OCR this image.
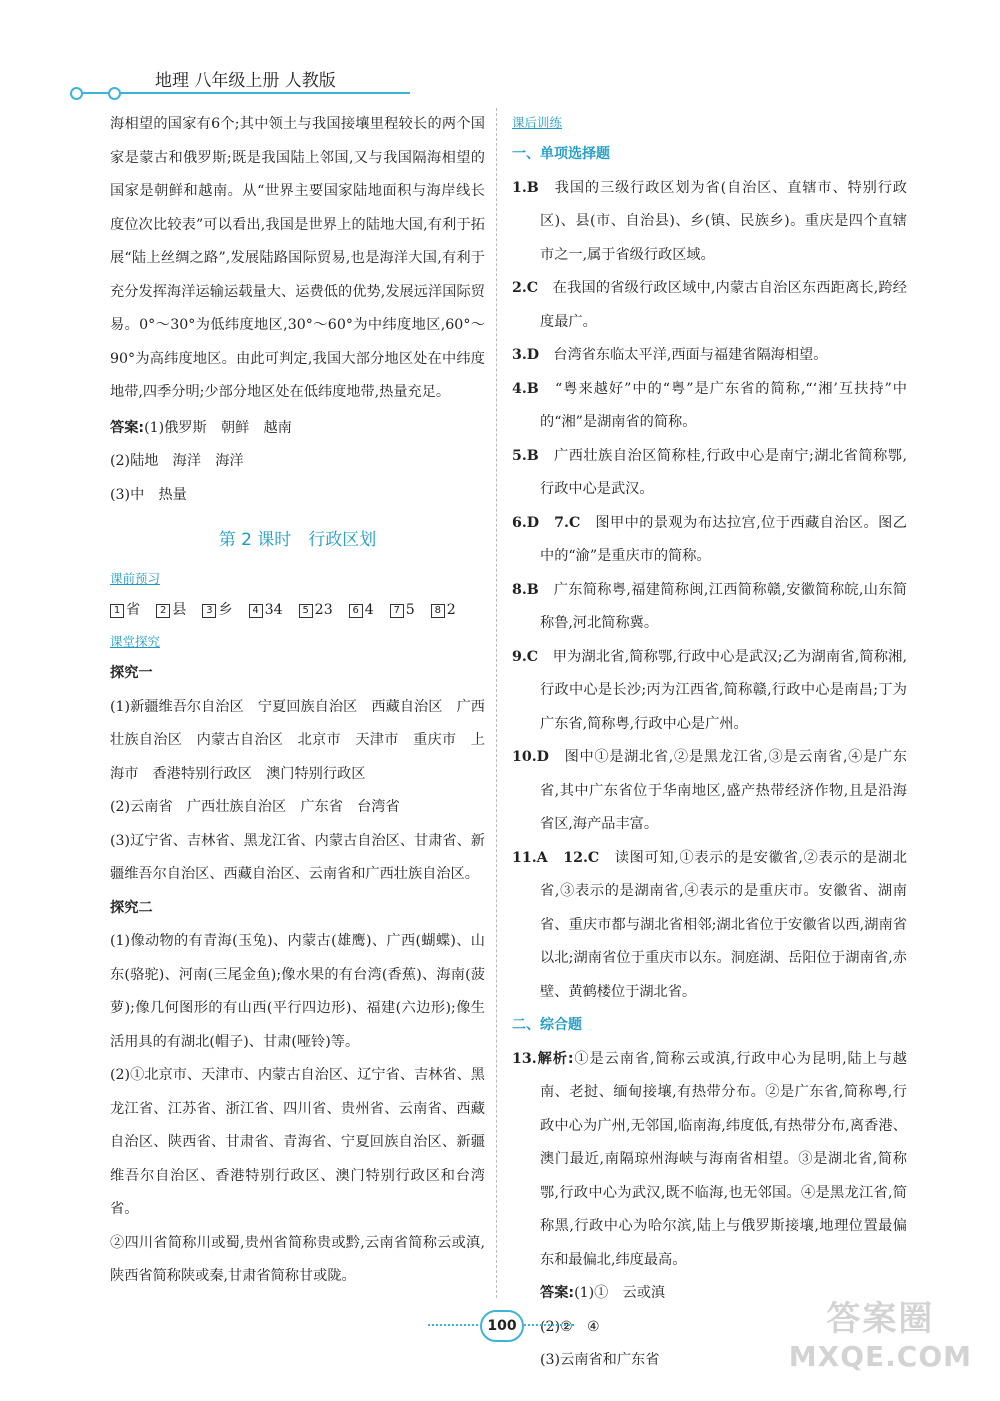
地理 八年级上册 人教版

海相望的国家有6个;其中领土与我国接壤里程较长的两个国家是蒙古和俄罗斯;既是我国陆上邻国,又与我国隔海相望的国家是朝鲜和越南。从“世界主要国家陆地面积与海岸线长度位次比较表”可以看出,我国是世界上的陆地大国,有利于拓展“陆上丝绸之路”,发展陆路国际贸易,也是海洋大国,有利于充分发挥海洋运输运载量大、运费低的优势,发展远洋国际贸易。0°～30°为低纬度地区,30°～60°为中纬度地区,60°～90°为高纬度地区。由此可判定,我国大部分地区处在中纬度地带,四季分明;少部分地区处在低纬度地带,热量充足。

答案:(1)俄罗斯　朝鲜　越南

(2)陆地　海洋　海洋

(3)中　热量

第 2 课时　行政区划
课前预习
1 省 2 县 3 乡 4 34 5 23 6 4 7 5 8 2
课堂探究
探究一

(1)新疆维吾尔自治区　宁夏回族自治区　西藏自治区　广西壮族自治区　内蒙古自治区　北京市　天津市　重庆市　上海市　香港特别行政区　澳门特别行政区

(2)云南省　广西壮族自治区　广东省　台湾省

(3)辽宁省、吉林省、黑龙江省、内蒙古自治区、甘肃省、新疆维吾尔自治区、西藏自治区、云南省和广西壮族自治区。

探究二

(1)像动物的有青海(玉兔)、内蒙古(雄鹰)、广西(蝴蝶)、山东(骆驼)、河南(三尾金鱼);像水果的有台湾(香蕉)、海南(菠萝);像几何图形的有山西(平行四边形)、福建(六边形);像生活用具的有湖北(帽子)、甘肃(哑铃)等。

(2)①北京市、天津市、内蒙古自治区、辽宁省、吉林省、黑龙江省、江苏省、浙江省、四川省、贵州省、云南省、西藏自治区、陕西省、甘肃省、青海省、宁夏回族自治区、新疆维吾尔自治区、香港特别行政区、澳门特别行政区和台湾省。

②四川省简称川或蜀,贵州省简称贵或黔,云南省简称云或滇,陕西省简称陕或秦,甘肃省简称甘或陇。

课后训练
一、单项选择题

1.B　 我国的三级行政区划为省(自治区、直辖市、特别行政区)、县(市、自治县)、乡(镇、民族乡)。重庆是四个直辖市之一,属于省级行政区域。

2.C　 在我国的省级行政区域中,内蒙古自治区东西距离长,跨经度最广。

3.D　 台湾省东临太平洋,西面与福建省隔海相望。

4.B　 “粤来越好”中的“粤”是广东省的简称,“‘湘’互扶持”中的“湘”是湖南省的简称。

5.B　 广西壮族自治区简称桂,行政中心是南宁;湖北省简称鄂,行政中心是武汉。

6.D　7.C　 图甲中的景观为布达拉宫,位于西藏自治区。图乙中的“渝”是重庆市的简称。

8.B　 广东简称粤,福建简称闽,江西简称赣,安徽简称皖,山东简称鲁,河北简称冀。

9.C　 甲为湖北省,简称鄂,行政中心是武汉;乙为湖南省,简称湘,行政中心是长沙;丙为江西省,简称赣,行政中心是南昌;丁为广东省,简称粤,行政中心是广州。

10.D　 图中①是湖北省,②是黑龙江省,③是云南省,④是广东省,其中广东省位于华南地区,盛产热带经济作物,且是沿海省区,海产品丰富。

11.A　12.C　 读图可知,①表示的是安徽省,②表示的是湖北省,③表示的是湖南省,④表示的是重庆市。安徽省、湖南省、重庆市都与湖北省相邻;湖北省位于安徽省以西,湖南省以北;湖南省位于重庆市以东。洞庭湖、岳阳位于湖南省,赤壁、黄鹤楼位于湖北省。

二、综合题

13.解析:①是云南省,简称云或滇,行政中心为昆明,陆上与越南、老挝、缅甸接壤,有热带分布。②是广东省,简称粤,行政中心为广州,无邻国,临南海,纬度低,有热带分布,离香港、澳门最近,南隔琼州海峡与海南省相望。③是湖北省,简称鄂,行政中心为武汉,既不临海,也无邻国。④是黑龙江省,简称黑,行政中心为哈尔滨,陆上与俄罗斯接壤,地理位置最偏东和最偏北,纬度最高。

答案:(1)①　云或滇

(2)②　④

(3)云南省和广东省

100	答案圈
MXQE.COM
